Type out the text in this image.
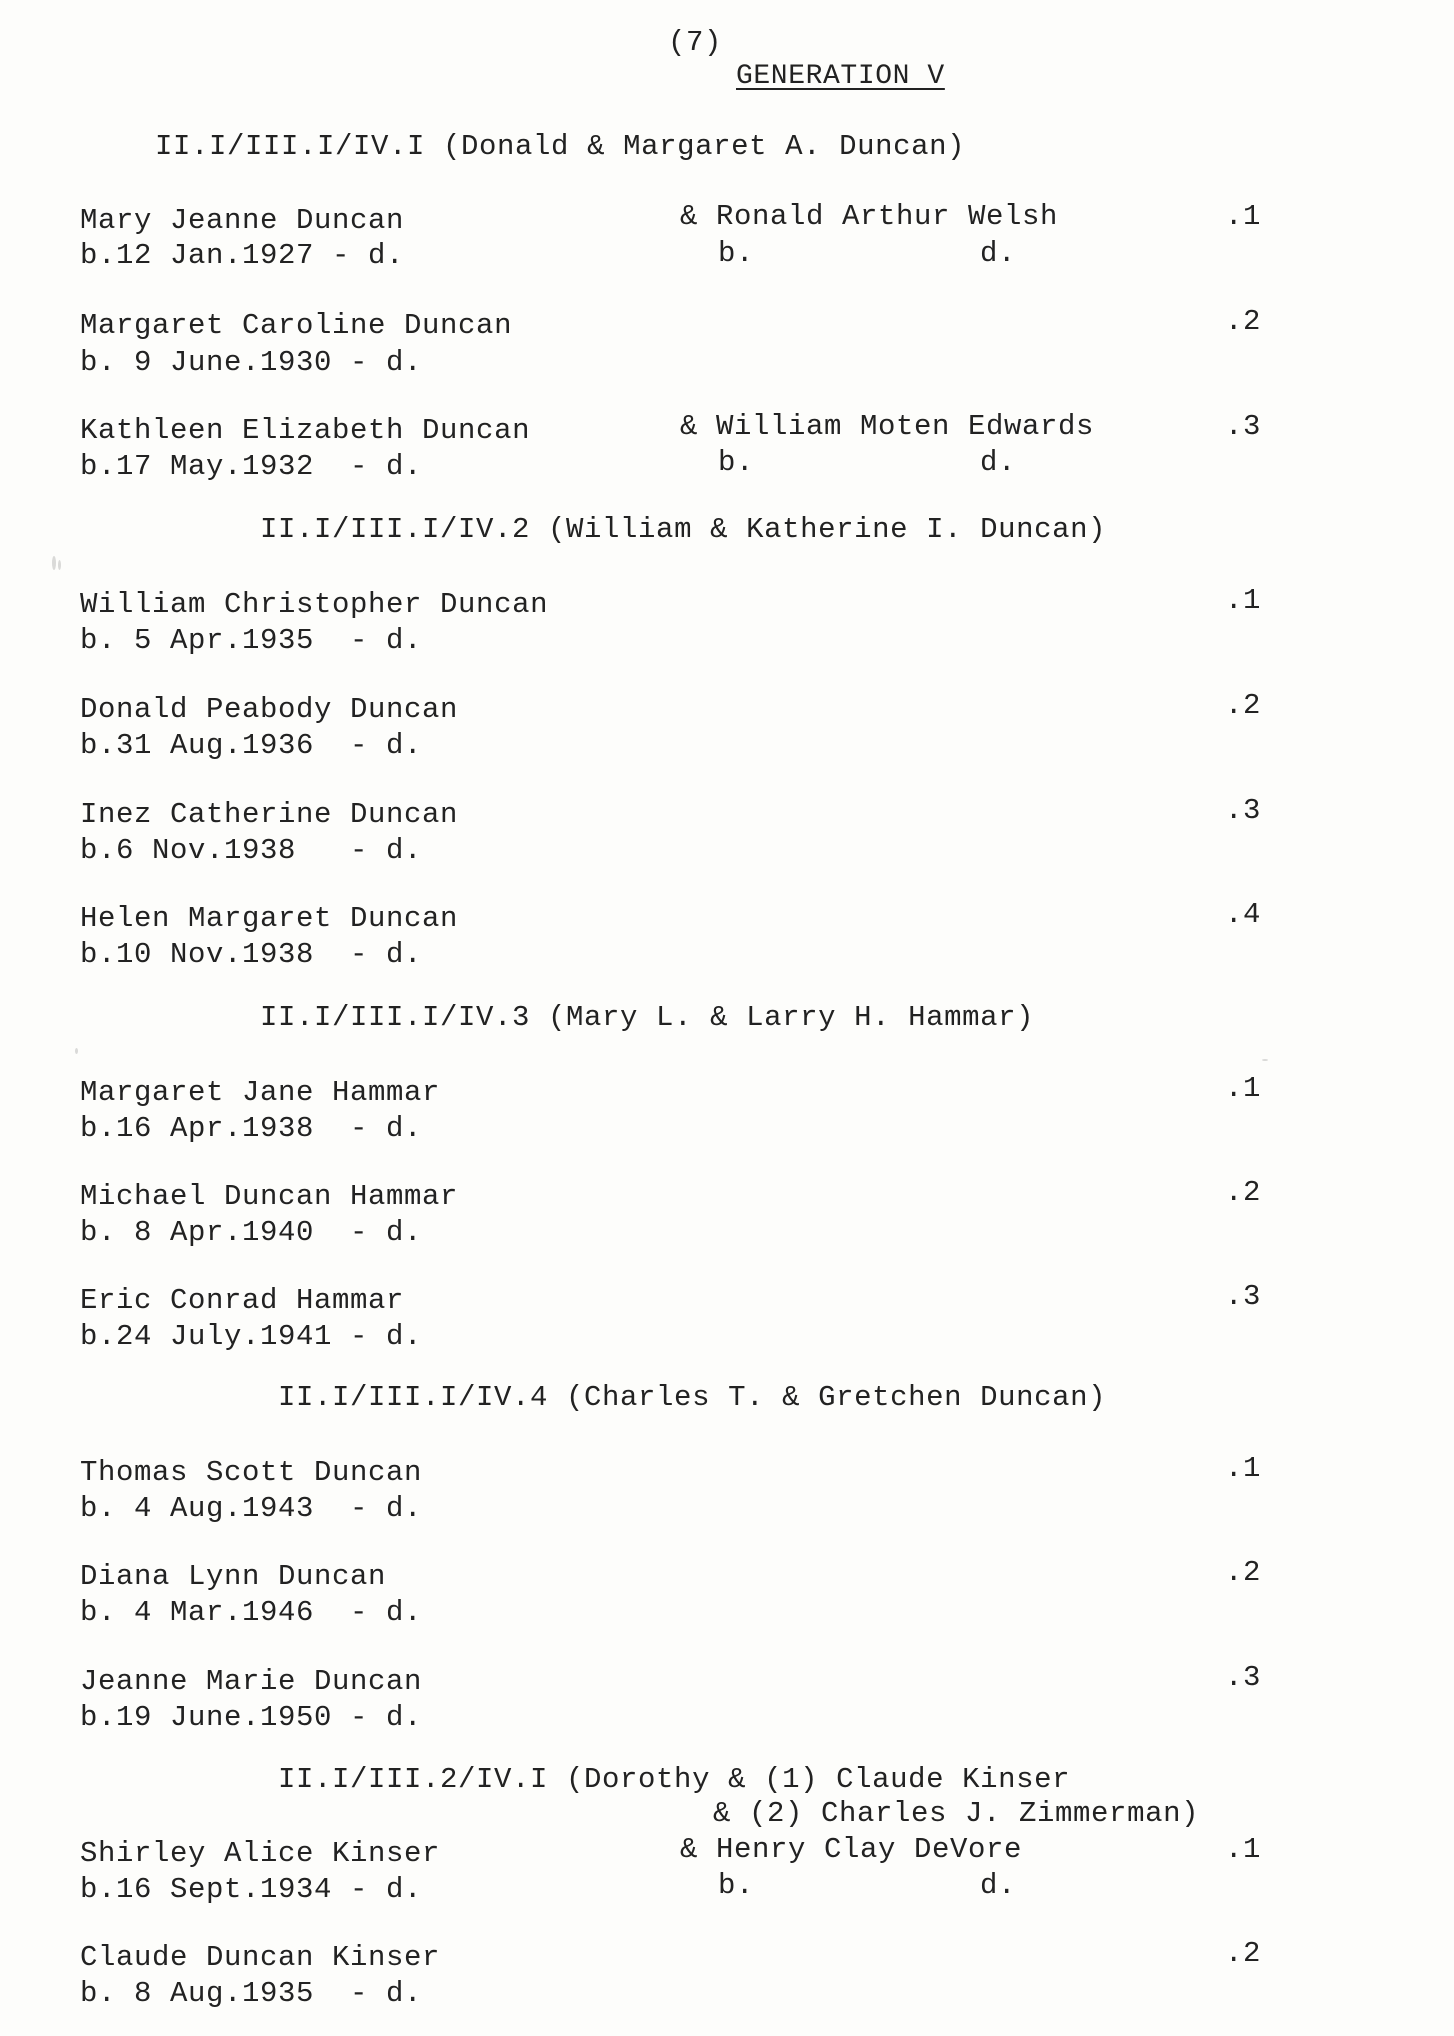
(7)
GENERATION V
II.I/III.I/IV.I (Donald & Margaret A. Duncan)
Mary Jeanne Duncan
b.12 Jan.1927 - d.
& Ronald Arthur Welsh
b.	d.
.1
Margaret Caroline Duncan
b. 9 June.1930 - d.
.2
Kathleen Elizabeth Duncan
b.17 May.1932  - d.
& William Moten Edwards
b.	d.
.3
II.I/III.I/IV.2 (William & Katherine I. Duncan)
William Christopher Duncan
b. 5 Apr.1935  - d.
.1
Donald Peabody Duncan
b.31 Aug.1936  - d.
.2
Inez Catherine Duncan
b.6 Nov.1938   - d.
.3
Helen Margaret Duncan
b.10 Nov.1938  - d.
.4
II.I/III.I/IV.3 (Mary L. & Larry H. Hammar)
Margaret Jane Hammar
b.16 Apr.1938  - d.
.1
Michael Duncan Hammar
b. 8 Apr.1940  - d.
.2
Eric Conrad Hammar
b.24 July.1941 - d.
.3
II.I/III.I/IV.4 (Charles T. & Gretchen Duncan)
Thomas Scott Duncan
b. 4 Aug.1943  - d.
.1
Diana Lynn Duncan
b. 4 Mar.1946  - d.
.2
Jeanne Marie Duncan
b.19 June.1950 - d.
.3
II.I/III.2/IV.I (Dorothy & (1) Claude Kinser
& (2) Charles J. Zimmerman)
Shirley Alice Kinser
b.16 Sept.1934 - d.
& Henry Clay DeVore
b.	d.
.1
Claude Duncan Kinser
b. 8 Aug.1935  - d.
.2
